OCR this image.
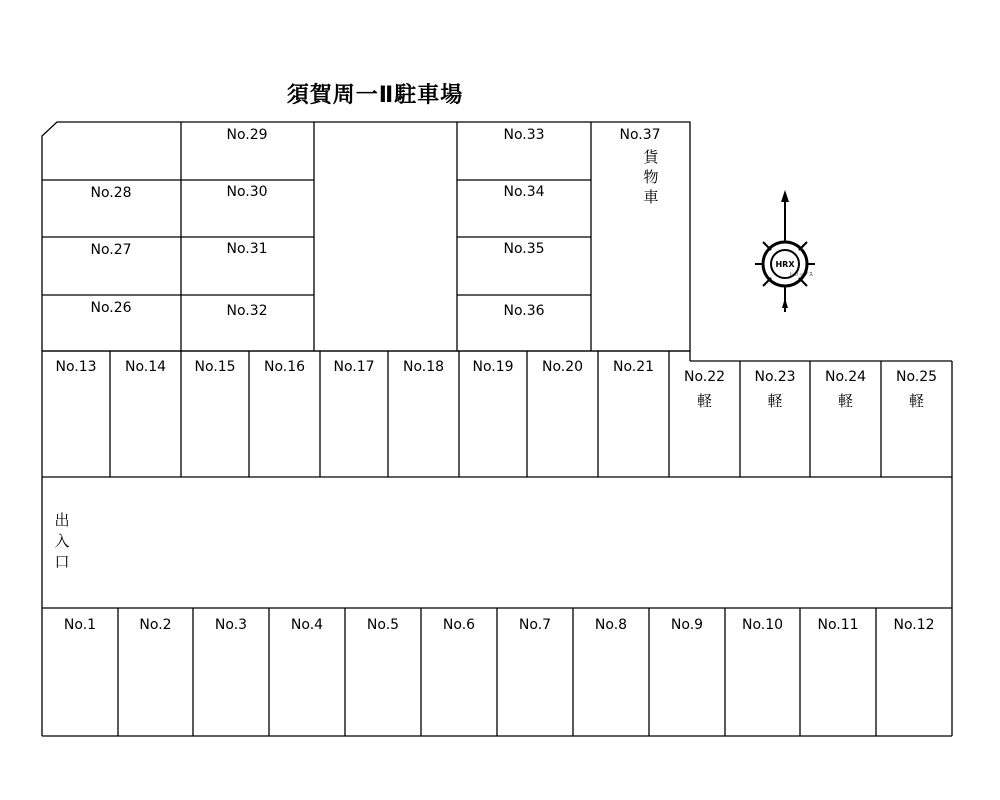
須賀周一Ⅱ駐車場
No.28
No.27
No.26
No.29
No.30
No.31
No.32
No.33
No.34
No.35
No.36
No.37
貨
物
車
No.13 No.14 No.15 No.16 No.17 No.18 No.19 No.20 No.21
No.22
軽
No.23
軽
No.24
軽
No.25
軽
出
入
口
No.1	No.2	No.3	No.4	No.5	No.6	No.7	No.8	No.9	No.10 No.11 No.12
HRX
ヒロックス
